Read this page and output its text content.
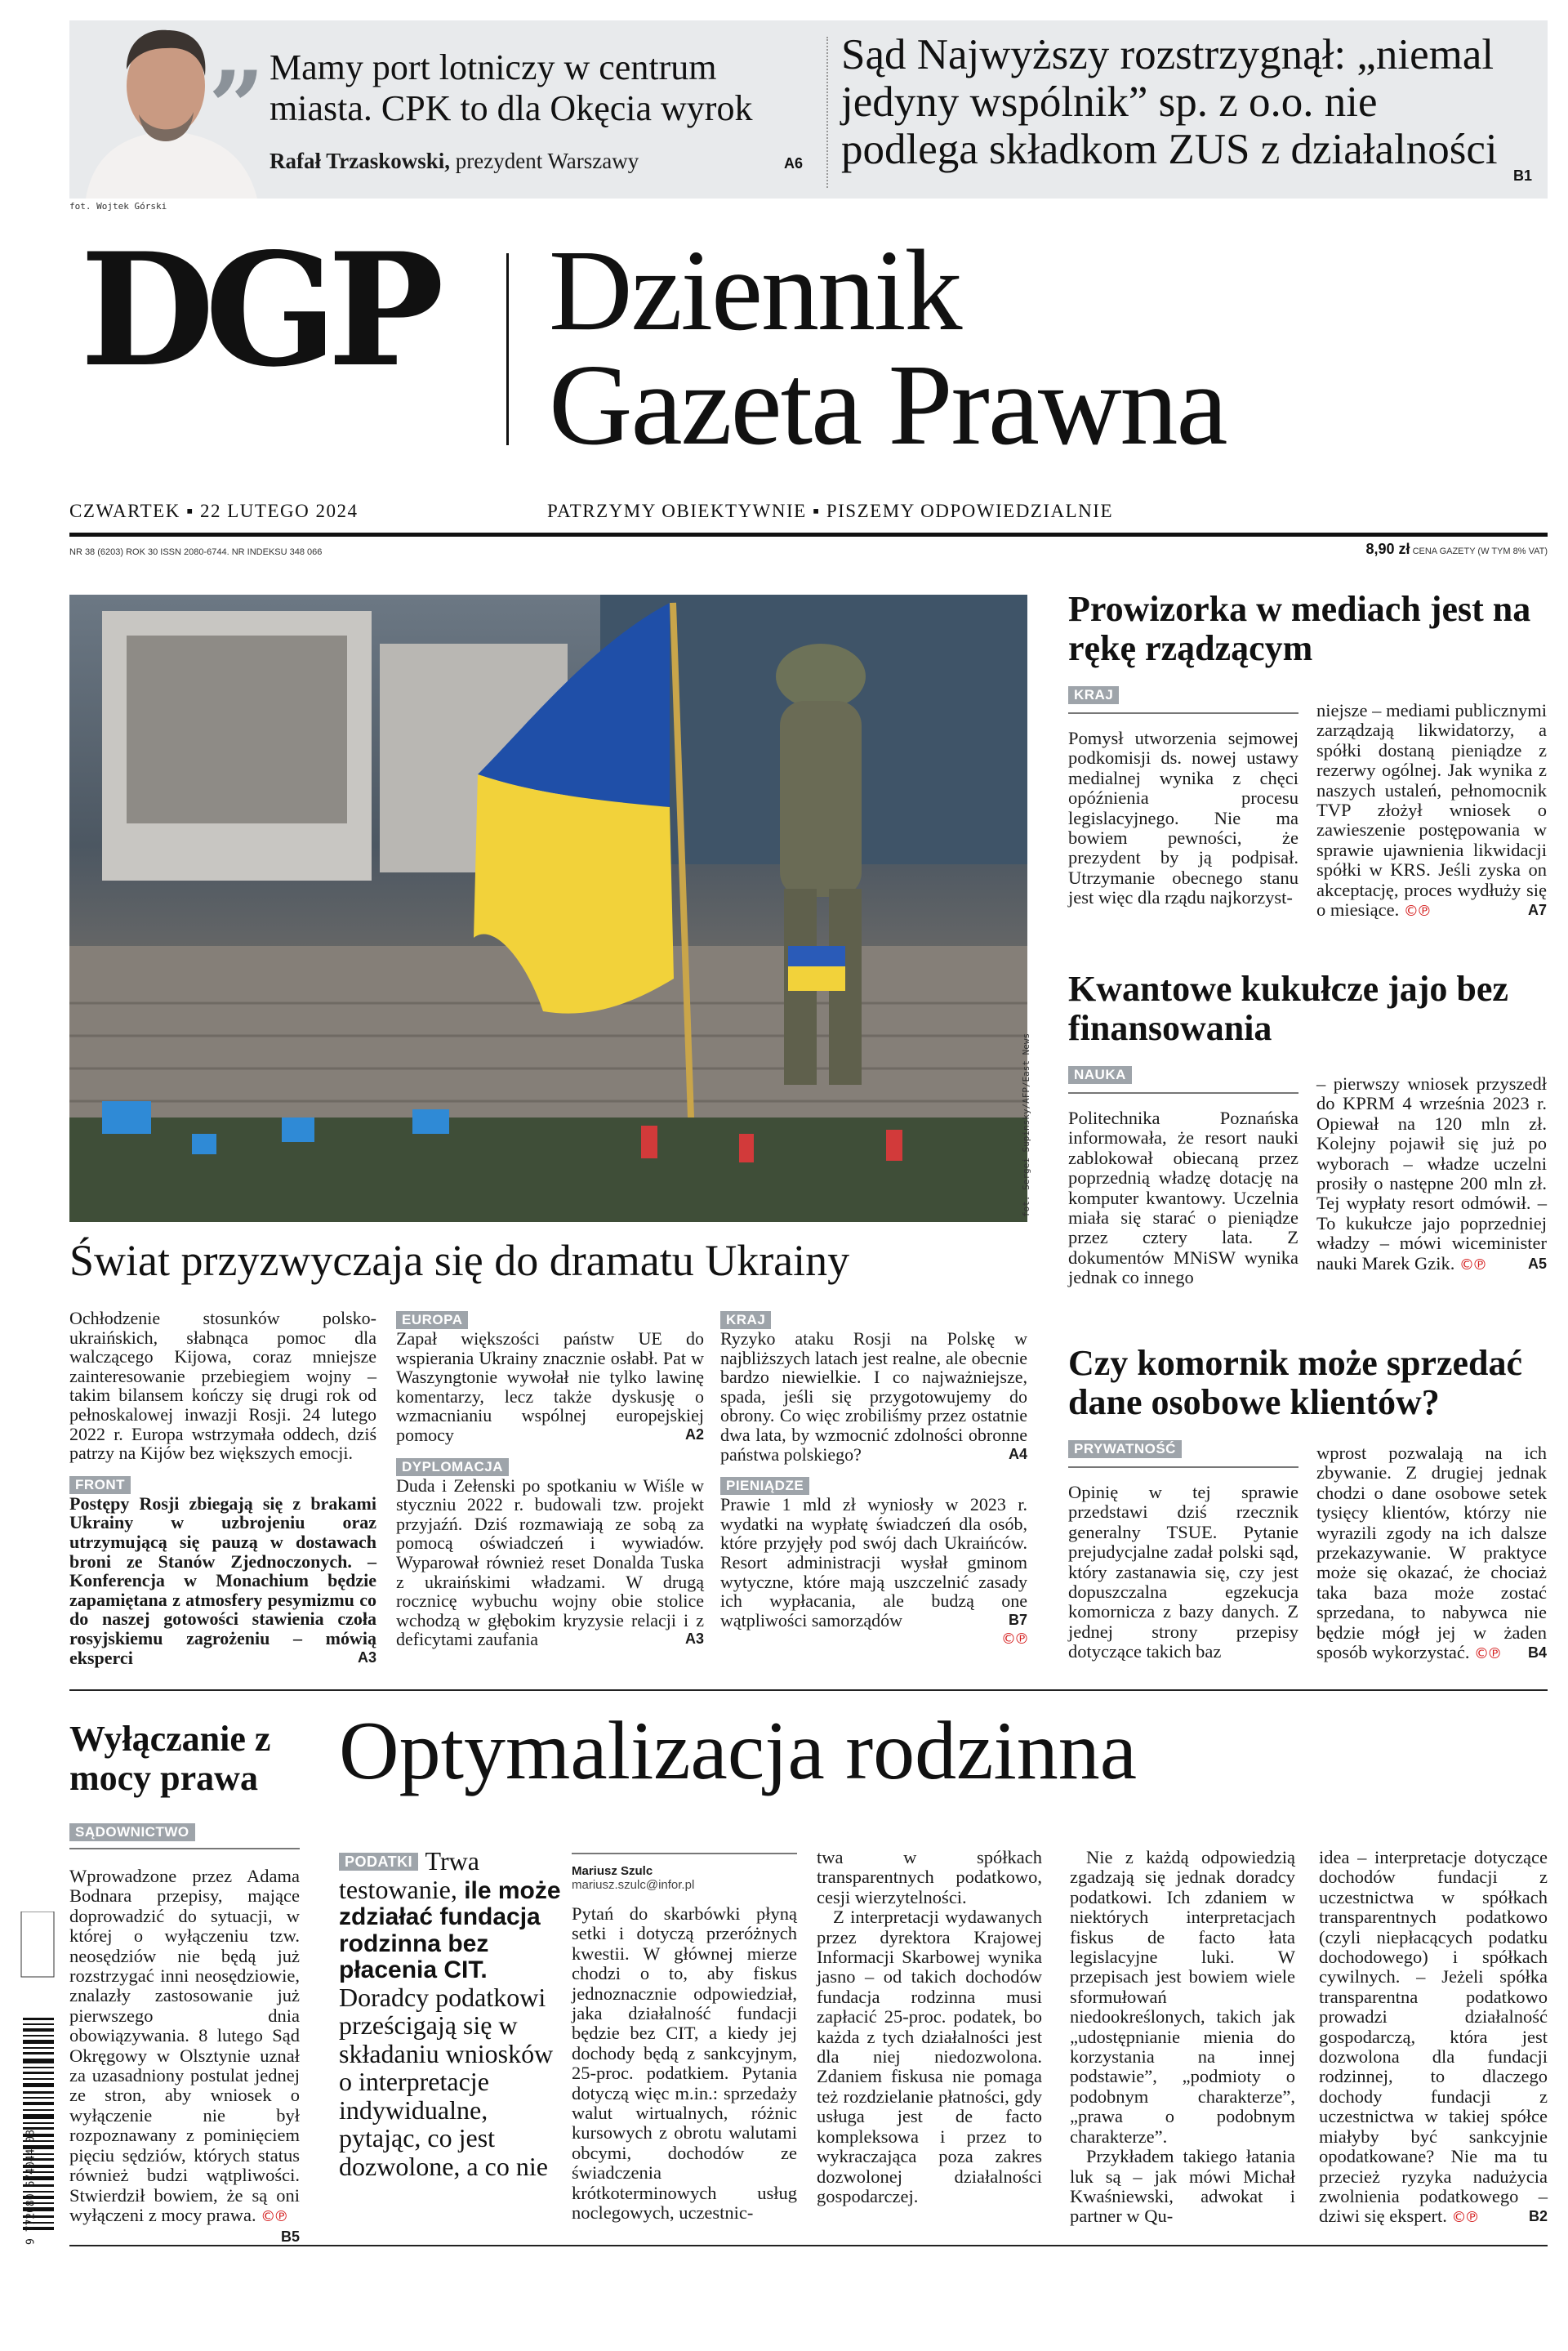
” Mamy port lotniczy w centrum miasta. CPK to dla Okęcia wyrok
Rafał Trzaskowski, prezydent Warszawy	A6
Sąd Najwyższy rozstrzygnął: „niemal jedyny wspólnik” sp. z o.o. nie podlega składkom ZUS z działalności
B1
fot. Wojtek Górski
DGP Dziennik
Gazeta Prawna
CZWARTEK ▪ 22 LUTEGO 2024	PATRZYMY OBIEKTYWNIE ▪ PISZEMY ODPOWIEDZIALNIE
NR 38 (6203) ROK 30 ISSN 2080-6744. NR INDEKSU 348 066	8,90 zł CENA GAZETY (W TYM 8% VAT)
fot. Sergei Supinsky/AFP/East News
Świat przyzwyczaja się do dramatu Ukrainy

Ochłodzenie stosunków polsko-ukraińskich, słabnąca pomoc dla walczącego Kijowa, coraz mniejsze zainteresowanie przebiegiem wojny – takim bilansem kończy się drugi rok od pełnoskalowej inwazji Rosji. 24 lutego 2022 r. Europa wstrzymała oddech, dziś patrzy na Kijów bez większych emocji.

FRONT

Postępy Rosji zbiegają się z brakami Ukrainy w uzbrojeniu oraz utrzymującą się pauzą w dostawach broni ze Stanów Zjednoczonych. – Konferencja w Monachium będzie zapamiętana z atmosfery pesymizmu co do naszej gotowości stawienia czoła rosyjskiemu zagrożeniu – mówią eksperci	A3

EUROPA

Zapał większości państw UE do wspierania Ukrainy znacznie osłabł. Pat w Waszyngtonie wywołał nie tylko lawinę komentarzy, lecz także dyskusję o wzmacnianiu wspólnej europejskiej pomocy	A2

DYPLOMACJA

Duda i Zełenski po spotkaniu w Wiśle w styczniu 2022 r. budowali tzw. projekt przyjaźń. Dziś rozmawiają ze sobą za pomocą oświadczeń i wywiadów. Wyparował również reset Donalda Tuska z ukraińskimi władzami. W drugą rocznicę wybuchu wojny obie stolice wchodzą w głębokim kryzysie relacji i z deficytami zaufania	A3

KRAJ

Ryzyko ataku Rosji na Polskę w najbliższych latach jest realne, ale obecnie bardzo niewielkie. I co najważniejsze, spada, jeśli się przygotowujemy do obrony. Co więc zrobiliśmy przez ostatnie dwa lata, by wzmocnić zdolności obronne państwa polskiego?	A4

PIENIĄDZE

Prawie 1 mld zł wyniosły w 2023 r. wydatki na wypłatę świadczeń dla osób, które przyjęły pod swój dach Ukraińców. Resort administracji wysłał gminom wytyczne, które mają uszczelnić zasady ich wypłacania, ale budzą one wątpliwości samorządów	B7

©℗
Prowizorka w mediach jest na rękę rządzącym
KRAJ
Pomysł utworzenia sejmowej podkomisji ds. nowej ustawy medialnej wynika z chęci opóźnienia procesu legislacyjnego. Nie ma bowiem pewności, że prezydent by ją podpisał. Utrzymanie obecnego stanu jest więc dla rządu najkorzyst-
niejsze – mediami publicznymi zarządzają likwidatorzy, a spółki dostaną pieniądze z rezerwy ogólnej. Jak wynika z naszych ustaleń, pełnomocnik TVP złożył wniosek o zawieszenie postępowania w sprawie ujawnienia likwidacji spółki w KRS. Jeśli zyska on akceptację, proces wydłuży się o miesiące. ©℗	A7
Kwantowe kukułcze jajo bez finansowania
NAUKA
Politechnika Poznańska informowała, że resort nauki zablokował obiecaną przez poprzednią władzę dotację na komputer kwantowy. Uczelnia miała się starać o pieniądze przez cztery lata. Z dokumentów MNiSW wynika jednak co innego
– pierwszy wniosek przyszedł do KPRM 4 września 2023 r. Opiewał na 120 mln zł. Kolejny pojawił się już po wyborach – władze uczelni prosiły o następne 200 mln zł. Tej wypłaty resort odmówił. – To kukułcze jajo poprzedniej władzy – mówi wiceminister nauki Marek Gzik. ©℗	A5
Czy komornik może sprzedać dane osobowe klientów?
PRYWATNOŚĆ
Opinię w tej sprawie przedstawi dziś rzecznik generalny TSUE. Pytanie prejudycjalne zadał polski sąd, który zastanawia się, czy jest dopuszczalna egzekucja komornicza z bazy danych. Z jednej strony przepisy dotyczące takich baz
wprost pozwalają na ich zbywanie. Z drugiej jednak chodzi o dane osobowe setek tysięcy klientów, którzy nie wyrazili zgody na ich dalsze przekazywanie. W praktyce może się okazać, że chociaż taka baza może zostać sprzedana, to nabywca nie będzie mógł jej w żaden sposób wykorzystać. ©℗ B4
Wyłączanie z mocy prawa
SĄDOWNICTWO
Wprowadzone przez Adama Bodnara przepisy, mające doprowadzić do sytuacji, w której o wyłączeniu tzw. neosędziów nie będą już rozstrzygać inni neosędziowie, znalazły zastosowanie już pierwszego dnia obowiązywania. 8 lutego Sąd Okręgowy w Olsztynie uznał za uzasadniony postulat jednej ze stron, aby wniosek o wyłączenie nie był rozpoznawany z pominięciem pięciu sędziów, których status również budzi wątpliwości. Stwierdził bowiem, że są oni wyłączeni z mocy prawa. ©℗
B5
9 772080 674044 08
Optymalizacja rodzinna
PODATKI Trwa testowanie, ile może zdziałać fundacja rodzinna bez płacenia CIT. Doradcy podatkowi prześcigają się w składaniu wniosków o interpretacje indywidualne, pytając, co jest dozwolone, a co nie
Mariusz Szulc
mariusz.szulc@infor.pl
Pytań do skarbówki płyną setki i dotyczą przeróżnych kwestii. W głównej mierze chodzi o to, aby fiskus jednoznacznie odpowiedział, jaka działalność fundacji będzie bez CIT, a kiedy jej dochody będą z sankcyjnym, 25-proc. podatkiem. Pytania dotyczą więc m.in.: sprzedaży walut wirtualnych, różnic kursowych z obrotu walutami obcymi, dochodów ze świadczenia krótkoterminowych usług noclegowych, uczestnic-

twa w spółkach transparentnych podatkowo, cesji wierzytelności.

Z interpretacji wydawanych przez dyrektora Krajowej Informacji Skarbowej wynika jasno – od takich dochodów fundacja rodzinna musi zapłacić 25-proc. podatek, bo każda z tych działalności jest dla niej niedozwolona. Zdaniem fiskusa nie pomaga też rozdzielanie płatności, gdy usługa jest de facto kompleksowa i przez to wykraczająca poza zakres dozwolonej działalności gospodarczej.

Nie z każdą odpowiedzią zgadzają się jednak doradcy podatkowi. Ich zdaniem w niektórych interpretacjach fiskus de facto łata legislacyjne luki. W przepisach jest bowiem wiele sformułowań niedookreślonych, takich jak „udostępnianie mienia do korzystania na innej podstawie”, „podmioty o podobnym charakterze”, „prawa o podobnym charakterze”.

Przykładem takiego łatania luk są – jak mówi Michał Kwaśniewski, adwokat i partner w Qu-

idea – interpretacje dotyczące dochodów fundacji z uczestnictwa w spółkach transparentnych podatkowo (czyli niepłacących podatku dochodowego) i spółkach cywilnych. – Jeżeli spółka transparentna podatkowo prowadzi działalność gospodarczą, która jest dozwolona dla fundacji rodzinnej, to dlaczego dochody fundacji z uczestnictwa w takiej spółce miałyby być sankcyjnie opodatkowane? Nie ma tu przecież ryzyka nadużycia zwolnienia podatkowego – dziwi się ekspert. ©℗	B2
